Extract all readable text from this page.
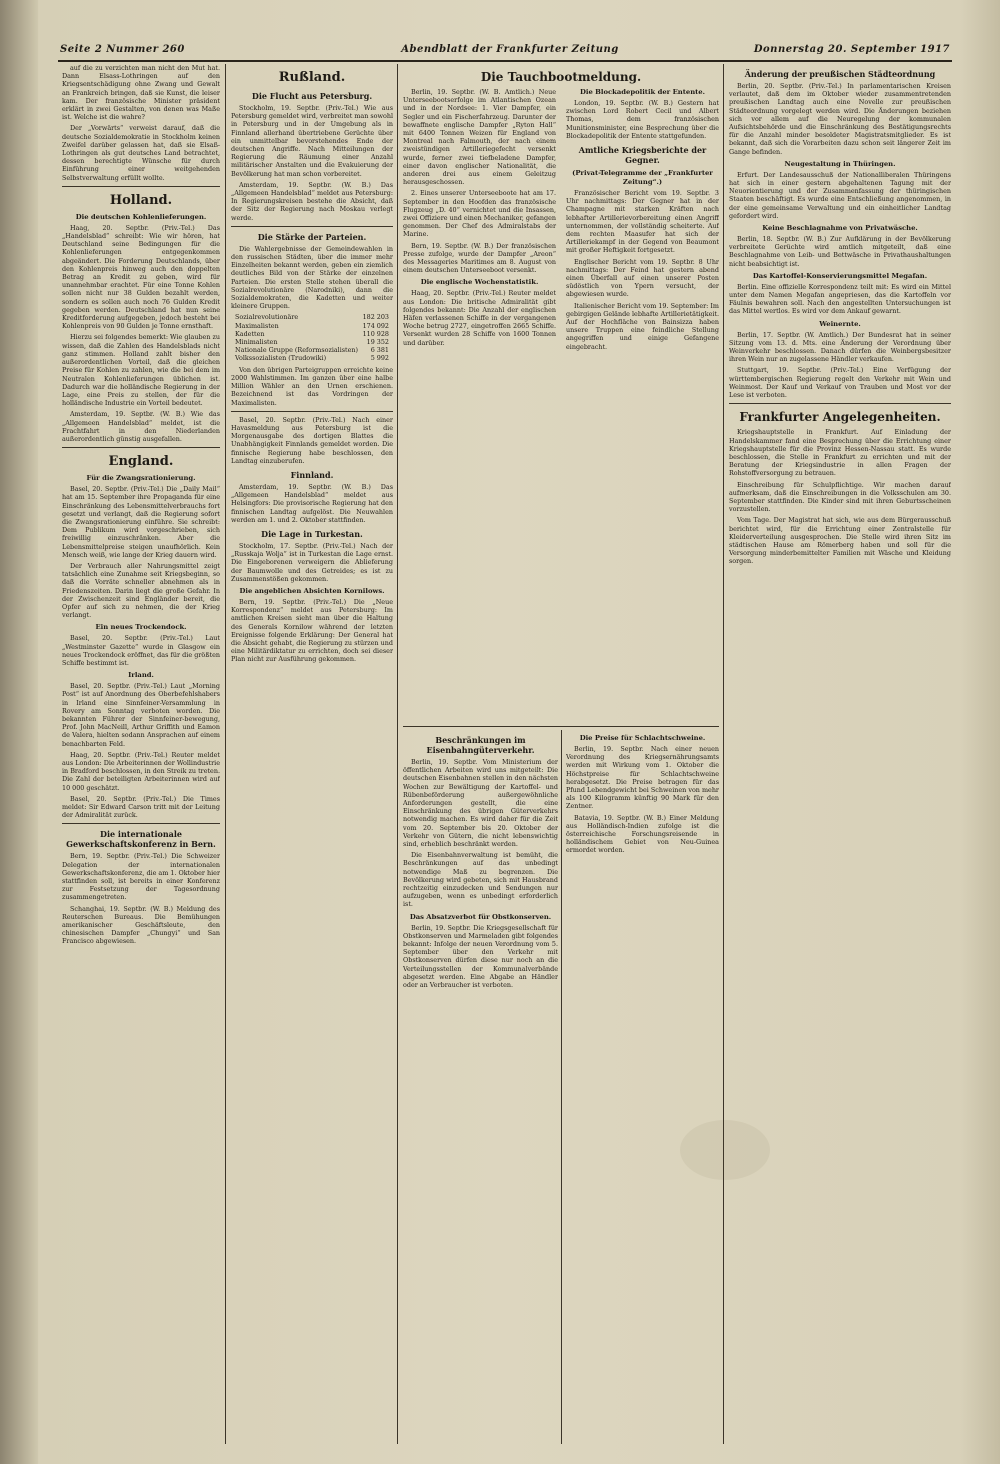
Seite 2 Nummer 260	Abendblatt der Frankfurter Zeitung	Donnerstag 20. September 1917

auf die zu verzichten man nicht den Mut hat. Dann Elsass-Lothringen auf den Kriegsentschädigung ohne Zwang und Gewalt an Frankreich bringen, daß sie Kunst, die leiser kam. Der französische Minister präsident erklärt in zwei Gestalten, von denen was Maße ist. Welche ist die wahre?

Der „Vorwärts“ verweist darauf, daß die deutsche Sozialdemokratie in Stockholm keinen Zweifel darüber gelassen hat, daß sie Elsaß-Lothringen als gut deutsches Land betrachtet, dessen berechtigte Wünsche für durch Einführung einer weitgehenden Selbstverwaltung erfüllt wollte.

Holland.
Die deutschen Kohlenlieferungen.

Haag, 20. Septbr. (Priv.-Tel.) Das „Handelsblad“ schreibt: Wie wir hören, hat Deutschland seine Bedingungen für die Kohlenlieferungen entgegenkommen abgeändert. Die Forderung Deutschlands, über den Kohlenpreis hinweg auch den doppelten Betrag an Kredit zu geben, wird für unannehmbar erachtet. Für eine Tonne Kohlen sollen nicht nur 38 Gulden bezahlt werden, sondern es sollen auch noch 76 Gulden Kredit gegeben werden. Deutschland hat nun seine Kreditforderung aufgegeben, jedoch besteht bei Kohlenpreis von 90 Gulden je Tonne ernsthaft.

Hierzu sei folgendes bemerkt: Wie glauben zu wissen, daß die Zahlen des Handelsblads nicht ganz stimmen. Holland zahlt bisher den außerordentlichen Vorteil, daß die gleichen Preise für Kohlen zu zahlen, wie die bei dem im Neutralen Kohlenlieferungen üblichen ist. Dadurch war die holländische Regierung in der Lage, eine Preis zu stellen, der für die holländische Industrie ein Vorteil bedeutet.

Amsterdam, 19. Septbr. (W. B.) Wie das „Allgemeen Handelsblad“ meldet, ist die Frachtfahrt in den Niederlanden außerordentlich günstig ausgefallen.

England.
Für die Zwangsrationierung.

Basel, 20. Septbr. (Priv.-Tel.) Die „Daily Mail“ hat am 15. September ihre Propaganda für eine Einschränkung des Lebensmittelverbrauchs fort gesetzt und verlangt, daß die Regierung sofort die Zwangsrationierung einführe. Sie schreibt: Dem Publikum wird vorgeschrieben, sich freiwillig einzuschränken. Aber die Lebensmittelpreise steigen unaufhörlich. Kein Mensch weiß, wie lange der Krieg dauern wird.

Der Verbrauch aller Nahrungsmittel zeigt tatsächlich eine Zunahme seit Kriegsbeginn, so daß die Vorräte schneller abnehmen als in Friedenszeiten. Darin liegt die große Gefahr. In der Zwischenzeit sind Engländer bereit, die Opfer auf sich zu nehmen, die der Krieg verlangt.

Ein neues Trockendock.

Basel, 20. Septbr. (Priv.-Tel.) Laut „Westminster Gazette“ wurde in Glasgow ein neues Trockendock eröffnet, das für die größten Schiffe bestimmt ist.

Irland.

Basel, 20. Septbr. (Priv.-Tel.) Laut „Morning Post“ ist auf Anordnung des Oberbefehlshabers in Irland eine Sinnfeiner-Versammlung in Rovery am Sonntag verboten worden. Die bekannten Führer der Sinnfeiner-bewegung, Prof. John MacNeill, Arthur Griffith und Eamon de Valera, hielten sodann Ansprachen auf einem benachbarten Feld.

Haag, 20. Septbr. (Priv.-Tel.) Reuter meldet aus London: Die Arbeiterinnen der Wollindustrie in Bradford beschlossen, in den Streik zu treten. Die Zahl der beteiligten Arbeiterinnen wird auf 10 000 geschätzt.

Basel, 20. Septbr. (Priv.-Tel.) Die Times meldet: Sir Edward Carson tritt mit der Leitung der Admiralität zurück.

Die internationale Gewerkschaftskonferenz in Bern.

Bern, 19. Septbr. (Priv.-Tel.) Die Schweizer Delegation der internationalen Gewerkschaftskonferenz, die am 1. Oktober hier stattfinden soll, ist bereits in einer Konferenz zur Festsetzung der Tagesordnung zusammengetreten.

Schanghai, 19. Septbr. (W. B.) Meldung des Reuterschen Bureaus. Die Bemühungen amerikanischer Geschäftsleute, den chinesischen Dampfer „Chungyi“ und San Francisco abgewiesen.

Rußland.
Die Flucht aus Petersburg.

Stockholm, 19. Septbr. (Priv.-Tel.) Wie aus Petersburg gemeldet wird, verbreitet man sowohl in Petersburg und in der Umgebung als in Finnland allerhand übertriebene Gerüchte über ein unmittelbar bevorstehendes Ende der deutschen Angriffe. Nach Mitteilungen der Regierung die Räumung einer Anzahl militärischer Anstalten und die Evakuierung der Bevölkerung hat man schon vorbereitet.

Amsterdam, 19. Septbr. (W. B.) Das „Allgemeen Handelsblad“ meldet aus Petersburg: In Regierungskreisen bestehe die Absicht, daß der Sitz der Regierung nach Moskau verlegt werde.

Die Stärke der Parteien.

Die Wahlergebnisse der Gemeindewahlen in den russischen Städten, über die immer mehr Einzelheiten bekannt werden, geben ein ziemlich deutliches Bild von der Stärke der einzelnen Parteien. Die ersten Stelle stehen überall die Sozialrevolutionäre (Narodniki), dann die Sozialdemokraten, die Kadetten und weiter kleinere Gruppen.

Sozialrevolutionäre	182 203
Maximalisten	174 092
Kadetten	110 928
Minimalisten	19 352
Nationale Gruppe (Reformsozialisten) 6 381
Volkssozialisten (Trudowiki)	5 992

Von den übrigen Parteigruppen erreichte keine 2000 Wahlstimmen. Im ganzen über eine halbe Million Wähler an den Urnen erschienen. Bezeichnend ist das Vordringen der Maximalisten.

Basel, 20. Septbr. (Priv.-Tel.) Nach einer Havasmeldung aus Petersburg ist die Morgenausgabe des dortigen Blattes die Unabhängigkeit Finnlands gemeldet worden. Die finnische Regierung habe beschlossen, den Landtag einzuberufen.

Finnland.

Amsterdam, 19. Septbr. (W. B.) Das „Allgemeen Handelsblad“ meldet aus Helsingfors: Die provisorische Regierung hat den finnischen Landtag aufgelöst. Die Neuwahlen werden am 1. und 2. Oktober stattfinden.

Die Lage in Turkestan.

Stockholm, 17. Septbr. (Priv.-Tel.) Nach der „Russkaja Wolja“ ist in Turkestan die Lage ernst. Die Eingeborenen verweigern die Ablieferung der Baumwolle und des Getreides; es ist zu Zusammenstößen gekommen.

Die angeblichen Absichten Kornilows.

Bern, 19. Septbr. (Priv.-Tel.) Die „Neue Korrespondenz“ meldet aus Petersburg: Im amtlichen Kreisen sieht man über die Haltung des Generals Kornilow während der letzten Ereignisse folgende Erklärung: Der General hat die Absicht gehabt, die Regierung zu stürzen und eine Militärdiktatur zu errichten, doch sei dieser Plan nicht zur Ausführung gekommen.

Die Tauchbootmeldung.

Berlin, 19. Septbr. (W. B. Amtlich.) Neue Unterseebootserfolge im Atlantischen Ozean und in der Nordsee: 1. Vier Dampfer, ein Segler und ein Fischerfahrzeug. Darunter der bewaffnete englische Dampfer „Ryton Hall“ mit 6400 Tonnen Weizen für England von Montreal nach Falmouth, der nach einem zweistündigen Artilleriegefecht versenkt wurde, ferner zwei tiefbeladene Dampfer, einer davon englischer Nationalität, die anderen drei aus einem Geleitzug herausgeschossen.

2. Eines unserer Unterseeboote hat am 17. September in den Hoofden das französische Flugzeug „D. 40“ vernichtet und die Insassen, zwei Offiziere und einen Mechaniker, gefangen genommen. Der Chef des Admiralstabs der Marine.

Bern, 19. Septbr. (W. B.) Der französischen Presse zufolge, wurde der Dampfer „Areon“ des Messageries Maritimes am 8. August von einem deutschen Unterseeboot versenkt.

Die englische Wochenstatistik.

Haag, 20. Septbr. (Priv.-Tel.) Reuter meldet aus London: Die britische Admiralität gibt folgendes bekannt: Die Anzahl der englischen Häfen verlassenen Schiffe in der vergangenen Woche betrug 2727, eingetroffen 2665 Schiffe. Versenkt wurden 28 Schiffe von 1600 Tonnen und darüber.

Die Blockadepolitik der Entente.

London, 19. Septbr. (W. B.) Gestern hat zwischen Lord Robert Cecil und Albert Thomas, dem französischen Munitionsminister, eine Besprechung über die Blockadepolitik der Entente stattgefunden.

Amtliche Kriegsberichte der Gegner.
(Privat-Telegramme der „Frankfurter Zeitung“.)

Französischer Bericht vom 19. Septbr. 3 Uhr nachmittags: Der Gegner hat in der Champagne mit starken Kräften nach lebhafter Artillerievorbereitung einen Angriff unternommen, der vollständig scheiterte. Auf dem rechten Maasufer hat sich der Artilleriekampf in der Gegend von Beaumont mit großer Heftigkeit fortgesetzt.

Englischer Bericht vom 19. Septbr. 8 Uhr nachmittags: Der Feind hat gestern abend einen Überfall auf einen unserer Posten südöstlich von Ypern versucht, der abgewiesen wurde.

Italienischer Bericht vom 19. September: Im gebirgigen Gelände lebhafte Artillerietätigkeit. Auf der Hochfläche von Bainsizza haben unsere Truppen eine feindliche Stellung angegriffen und einige Gefangene eingebracht.

Beschränkungen im Eisenbahngüterverkehr.

Berlin, 19. Septbr. Vom Ministerium der öffentlichen Arbeiten wird uns mitgeteilt: Die deutschen Eisenbahnen stellen in den nächsten Wochen zur Bewältigung der Kartoffel- und Rübenbeförderung außergewöhnliche Anforderungen gestellt, die eine Einschränkung des übrigen Güterverkehrs notwendig machen. Es wird daher für die Zeit vom 20. September bis 20. Oktober der Verkehr von Gütern, die nicht lebenswichtig sind, erheblich beschränkt werden.

Die Eisenbahnverwaltung ist bemüht, die Beschränkungen auf das unbedingt notwendige Maß zu begrenzen. Die Bevölkerung wird gebeten, sich mit Hausbrand rechtzeitig einzudecken und Sendungen nur aufzugeben, wenn es unbedingt erforderlich ist.

Das Absatzverbot für Obstkonserven.

Berlin, 19. Septbr. Die Kriegsgesellschaft für Obstkonserven und Marmeladen gibt folgendes bekannt: Infolge der neuen Verordnung vom 5. September über den Verkehr mit Obstkonserven dürfen diese nur noch an die Verteilungsstellen der Kommunalverbände abgesetzt werden. Eine Abgabe an Händler oder an Verbraucher ist verboten.

Die Preise für Schlachtschweine.

Berlin, 19. Septbr. Nach einer neuen Verordnung des Kriegsernährungsamts werden mit Wirkung vom 1. Oktober die Höchstpreise für Schlachtschweine herabgesetzt. Die Preise betragen für das Pfund Lebendgewicht bei Schweinen von mehr als 100 Kilogramm künftig 90 Mark für den Zentner.

Batavia, 19. Septbr. (W. B.) Einer Meldung aus Holländisch-Indien zufolge ist die österreichische Forschungsreisende in holländischem Gebiet von Neu-Guinea ermordet worden.

Änderung der preußischen Städteordnung

Berlin, 20. Septbr. (Priv.-Tel.) In parlamentarischen Kreisen verlautet, daß dem im Oktober wieder zusammentretenden preußischen Landtag auch eine Novelle zur preußischen Städteordnung vorgelegt werden wird. Die Änderungen beziehen sich vor allem auf die Neuregelung der kommunalen Aufsichtsbehörde und die Einschränkung des Bestätigungsrechts für die Anzahl minder besoldeter Magistratsmitglieder. Es ist bekannt, daß sich die Vorarbeiten dazu schon seit längerer Zeit im Gange befinden.

Neugestaltung in Thüringen.

Erfurt. Der Landesausschuß der Nationalliberalen Thüringens hat sich in einer gestern abgehaltenen Tagung mit der Neuorientierung und der Zusammenfassung der thüringischen Staaten beschäftigt. Es wurde eine Entschließung angenommen, in der eine gemeinsame Verwaltung und ein einheitlicher Landtag gefordert wird.

Keine Beschlagnahme von Privatwäsche.

Berlin, 18. Septbr. (W. B.) Zur Aufklärung in der Bevölkerung verbreitete Gerüchte wird amtlich mitgeteilt, daß eine Beschlagnahme von Leib- und Bettwäsche in Privathaushaltungen nicht beabsichtigt ist.

Das Kartoffel-Konservierungsmittel Megafan.

Berlin. Eine offizielle Korrespondenz teilt mit: Es wird ein Mittel unter dem Namen Megafan angepriesen, das die Kartoffeln vor Fäulnis bewahren soll. Nach den angestellten Untersuchungen ist das Mittel wertlos. Es wird vor dem Ankauf gewarnt.

Weinernte.

Berlin, 17. Septbr. (W. Amtlich.) Der Bundesrat hat in seiner Sitzung vom 13. d. Mts. eine Änderung der Verordnung über Weinverkehr beschlossen. Danach dürfen die Weinbergsbesitzer ihren Wein nur an zugelassene Händler verkaufen.

Stuttgart, 19. Septbr. (Priv.-Tel.) Eine Verfügung der württembergischen Regierung regelt den Verkehr mit Wein und Weinmost. Der Kauf und Verkauf von Trauben und Most vor der Lese ist verboten.

Frankfurter Angelegenheiten.

Kriegshauptstelle in Frankfurt. Auf Einladung der Handelskammer fand eine Besprechung über die Errichtung einer Kriegshauptstelle für die Provinz Hessen-Nassau statt. Es wurde beschlossen, die Stelle in Frankfurt zu errichten und mit der Beratung der Kriegsindustrie in allen Fragen der Rohstoffversorgung zu betrauen.

Einschreibung für Schulpflichtige. Wir machen darauf aufmerksam, daß die Einschreibungen in die Volksschulen am 30. September stattfinden. Die Kinder sind mit ihren Geburtsscheinen vorzustellen.

Vom Tage. Der Magistrat hat sich, wie aus dem Bürgerausschuß berichtet wird, für die Errichtung einer Zentralstelle für Kleiderverteilung ausgesprochen. Die Stelle wird ihren Sitz im städtischen Hause am Römerberg haben und soll für die Versorgung minderbemittelter Familien mit Wäsche und Kleidung sorgen.
